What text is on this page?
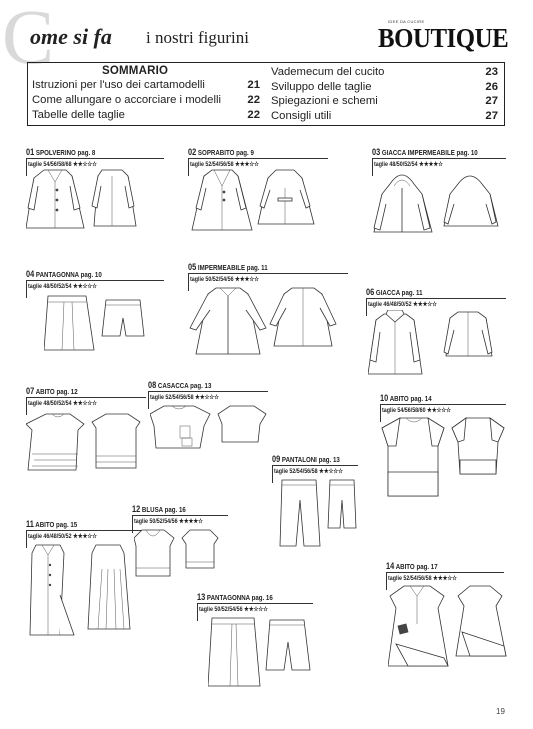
C
ome si fa i nostri figurini
IDEE DA CUCIRE
BOUTIQUE
SOMMARIO
Istruzioni per l'uso dei cartamodelli	21
Come allungare o accorciare i modelli	22
Tabelle delle taglie	22
Vademecum del cucito	23
Sviluppo delle taglie	26
Spiegazioni e schemi	27
Consigli utili	27
01 SPOLVERINO pag. 8
taglie 54/56/58/68 ★★☆☆☆
02 SOPRABITO pag. 9
taglie 52/54/56/58 ★★★☆☆
03 GIACCA IMPERMEABILE pag. 10
taglie 48/50/52/54 ★★★★☆
04 PANTAGONNA pag. 10
taglie 48/50/52/54 ★★☆☆☆
05 IMPERMEABILE pag. 11
taglie 50/52/54/56 ★★★☆☆
06 GIACCA pag. 11
taglie 46/48/50/52 ★★★☆☆
07 ABITO pag. 12
taglie 48/50/52/54 ★★☆☆☆
08 CASACCA pag. 13
taglie 52/54/56/58 ★★☆☆☆
09 PANTALONI pag. 13
taglie 52/54/56/58 ★★☆☆☆
10 ABITO pag. 14
taglie 54/56/58/60 ★★☆☆☆
11 ABITO pag. 15
taglie 46/48/50/52 ★★★☆☆
12 BLUSA pag. 16
taglie 50/52/54/56 ★★★★☆
13 PANTAGONNA pag. 16
taglie 50/52/54/56 ★★☆☆☆
14 ABITO pag. 17
taglie 52/54/56/58 ★★★☆☆
19
